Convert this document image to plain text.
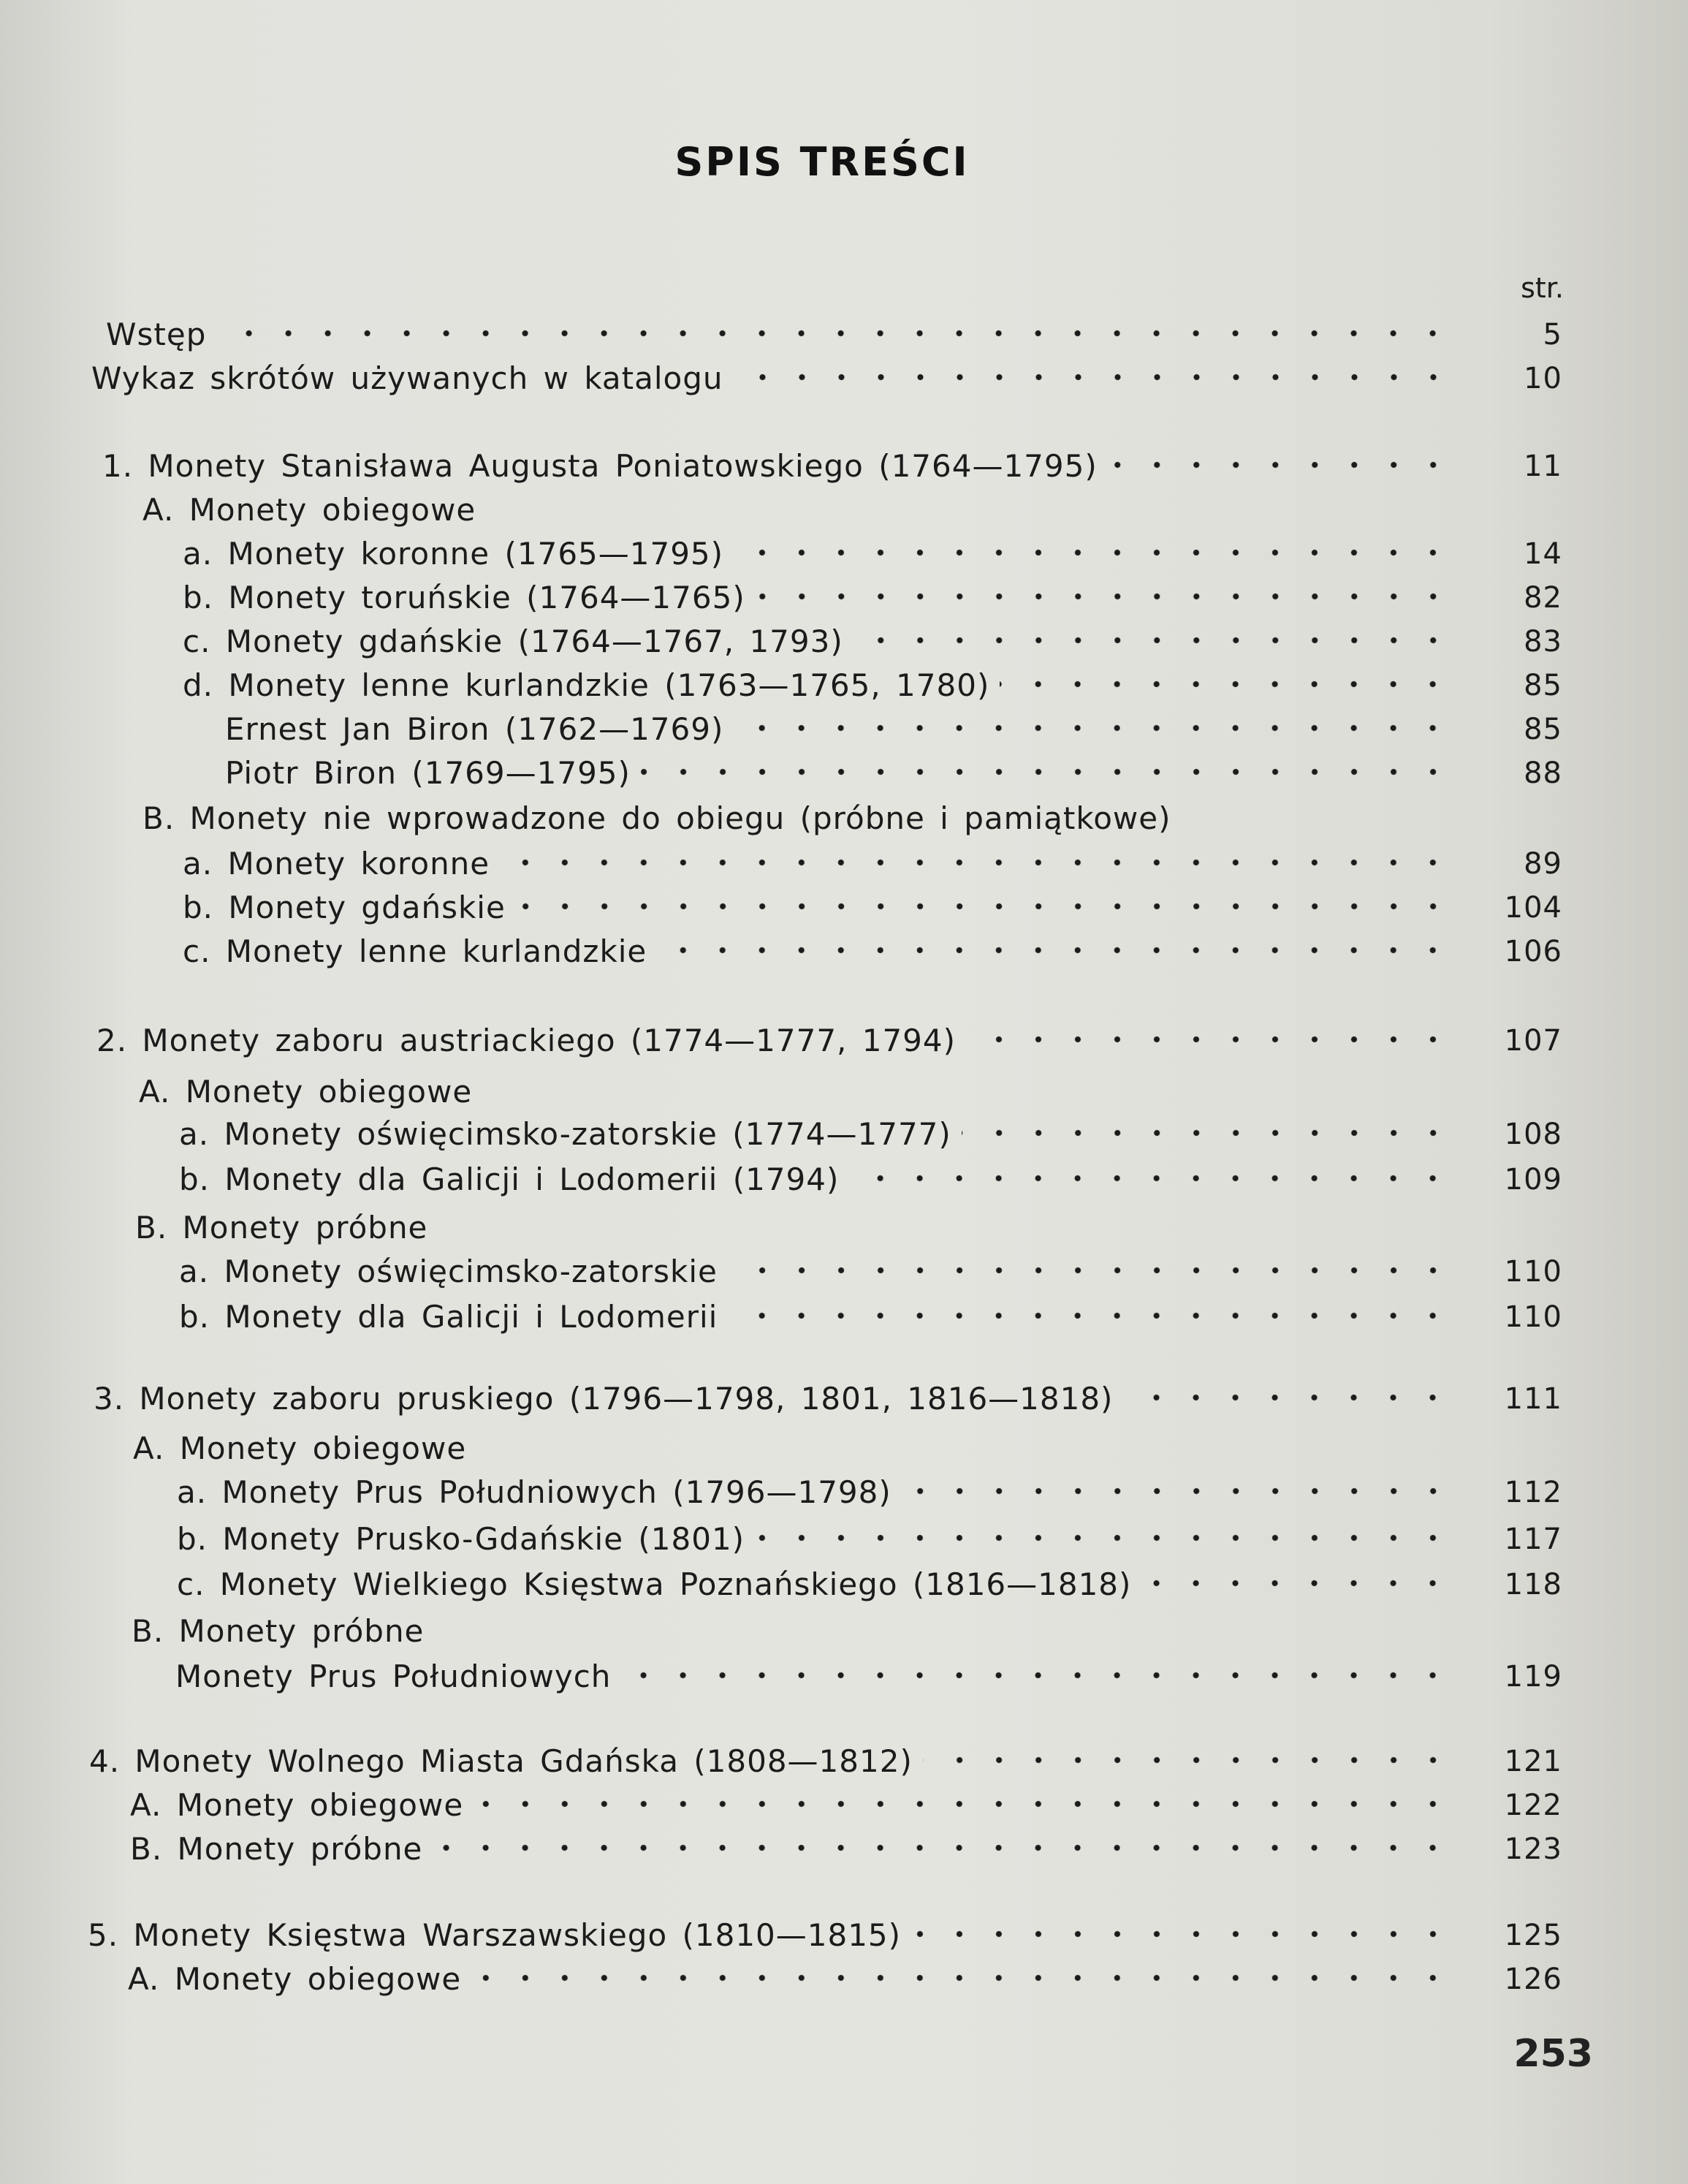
SPIS TREŚCI
str.
Wstęp	5
Wykaz skrótów używanych w katalogu	10
1. Monety Stanisława Augusta Poniatowskiego (1764—1795)	11
A. Monety obiegowe
a. Monety koronne (1765—1795)	14
b. Monety toruńskie (1764—1765)	82
c. Monety gdańskie (1764—1767, 1793)	83
d. Monety lenne kurlandzkie (1763—1765, 1780)	85
Ernest Jan Biron (1762—1769)	85
Piotr Biron (1769—1795)	88
B. Monety nie wprowadzone do obiegu (próbne i pamiątkowe)
a. Monety koronne	89
b. Monety gdańskie	104
c. Monety lenne kurlandzkie	106
2. Monety zaboru austriackiego (1774—1777, 1794)	107
A. Monety obiegowe
a. Monety oświęcimsko-zatorskie (1774—1777)	108
b. Monety dla Galicji i Lodomerii (1794)	109
B. Monety próbne
a. Monety oświęcimsko-zatorskie	110
b. Monety dla Galicji i Lodomerii	110
3. Monety zaboru pruskiego (1796—1798, 1801, 1816—1818)	111
A. Monety obiegowe
a. Monety Prus Południowych (1796—1798)	112
b. Monety Prusko-Gdańskie (1801)	117
c. Monety Wielkiego Księstwa Poznańskiego (1816—1818)	118
B. Monety próbne
Monety Prus Południowych	119
4. Monety Wolnego Miasta Gdańska (1808—1812)	121
A. Monety obiegowe	122
B. Monety próbne	123
5. Monety Księstwa Warszawskiego (1810—1815)	125
A. Monety obiegowe	126
253
